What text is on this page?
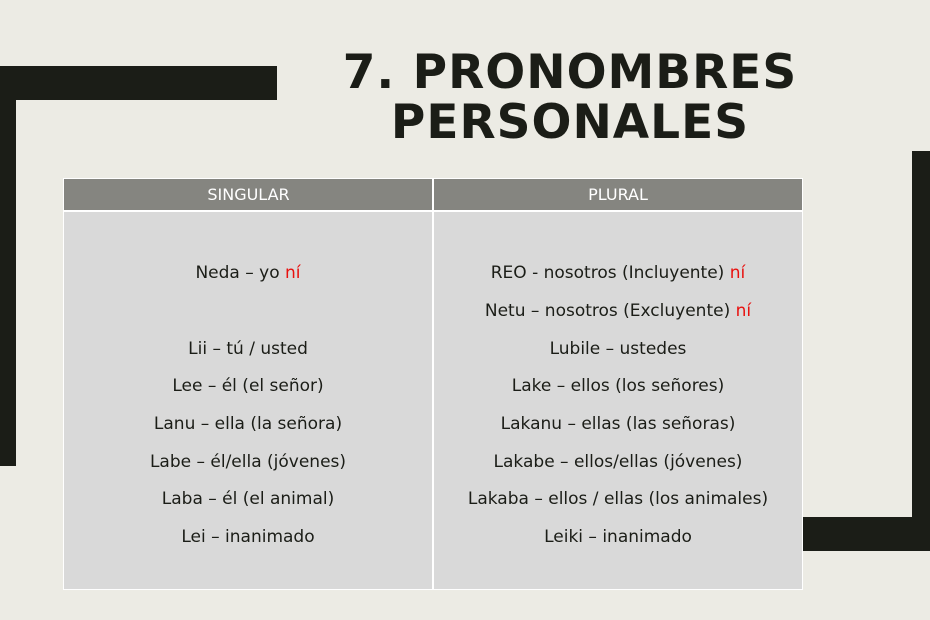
7. PRONOMBRES
PERSONALES
SINGULAR	PLURAL
Neda – yo ní
Lii – tú / usted
Lee – él (el señor)
Lanu – ella (la señora)
Labe – él/ella (jóvenes)
Laba – él (el animal)
Lei – inanimado
REO - nosotros (Incluyente) ní
Netu – nosotros (Excluyente) ní
Lubile – ustedes
Lake – ellos (los señores)
Lakanu – ellas (las señoras)
Lakabe – ellos/ellas (jóvenes)
Lakaba – ellos / ellas (los animales)
Leiki – inanimado
